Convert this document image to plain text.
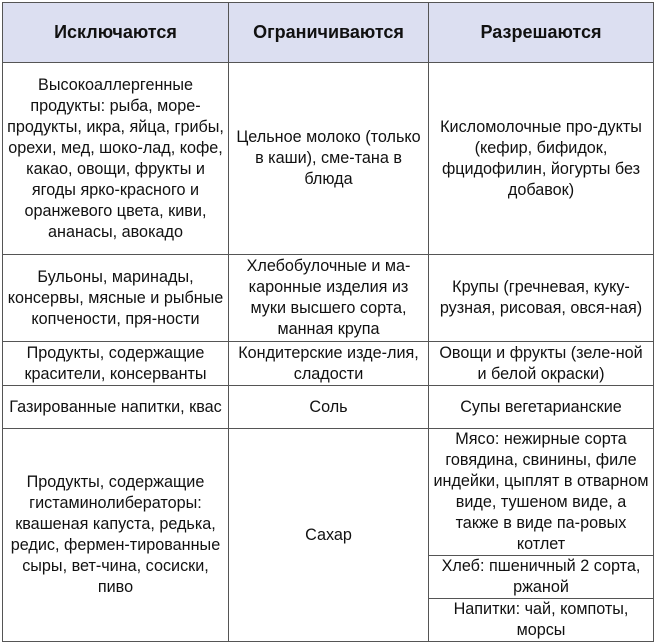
Исключаются	Ограничиваются	Разрешаются
Высокоаллергенные продукты: рыба, море-продукты, икра, яйца, грибы, орехи, мед, шоко-лад, кофе, какао, овощи, фрукты и ягоды ярко-красного и оранжевого цвета, киви, ананасы, авокадо	Цельное молоко (только в каши), сме-тана в блюда	Кисломолочные про-дукты (кефир, бифидок, фцидофилин, йогурты без добавок)
Бульоны, маринады, консервы, мясные и рыбные копчености, пря-ности	Хлебобулочные и ма-каронные изделия из муки высшего сорта, манная крупа	Крупы (гречневая, куку-рузная, рисовая, овся-ная)
Продукты, содержащие красители, консерванты	Кондитерские изде-лия, сладости	Овощи и фрукты (зеле-ной и белой окраски)
Газированные напитки, квас	Соль	Супы вегетарианские
Продукты, содержащие гистаминолибераторы: квашеная капуста, редька, редис, фермен-тированные сыры, вет-чина, сосиски, пиво	Сахар	Мясо: нежирные сорта говядина, свинины, филе индейки, цыплят в отварном виде, тушеном виде, а также в виде па-ровых котлет
		Хлеб: пшеничный 2 сорта, ржаной
		Напитки: чай, компоты, морсы
